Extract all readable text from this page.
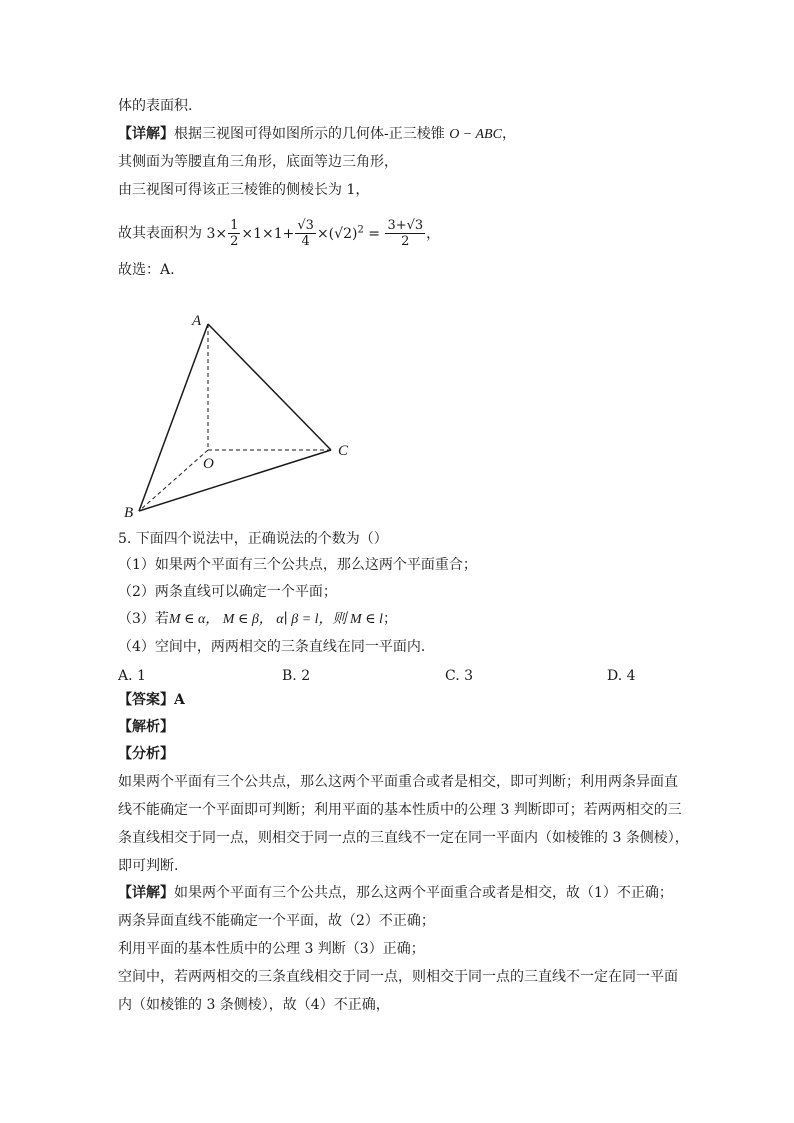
体的表面积.
【详解】根据三视图可得如图所示的几何体-正三棱锥 O − ABC，
其侧面为等腰直角三角形，底面等边三角形，
由三视图可得该正三棱锥的侧棱长为 1，
故其表面积为 $3\times \frac{1}{2} \times 1\times 1+ \frac{√3}{4} \times(√2)^2 = \frac{3+√3}{2}$ ，
故选：A.
A
O
B
C
5. 下面四个说法中，正确说法的个数为（）
（1）如果两个平面有三个公共点，那么这两个平面重合；
（2）两条直线可以确定一个平面；
（3）若M ∈ α， M ∈ β， α∣ β = l，则 M ∈ l；
（4）空间中，两两相交的三条直线在同一平面内.
A. 1	B. 2	C. 3	D. 4
【答案】A
【解析】
【分析】
如果两个平面有三个公共点，那么这两个平面重合或者是相交，即可判断；利用两条异面直
线不能确定一个平面即可判断；利用平面的基本性质中的公理 3 判断即可；若两两相交的三
条直线相交于同一点，则相交于同一点的三直线不一定在同一平面内（如棱锥的 3 条侧棱），
即可判断.
【详解】如果两个平面有三个公共点，那么这两个平面重合或者是相交，故（1）不正确；
两条异面直线不能确定一个平面，故（2）不正确；
利用平面的基本性质中的公理 3 判断（3）正确；
空间中，若两两相交的三条直线相交于同一点，则相交于同一点的三直线不一定在同一平面
内（如棱锥的 3 条侧棱），故（4）不正确，
